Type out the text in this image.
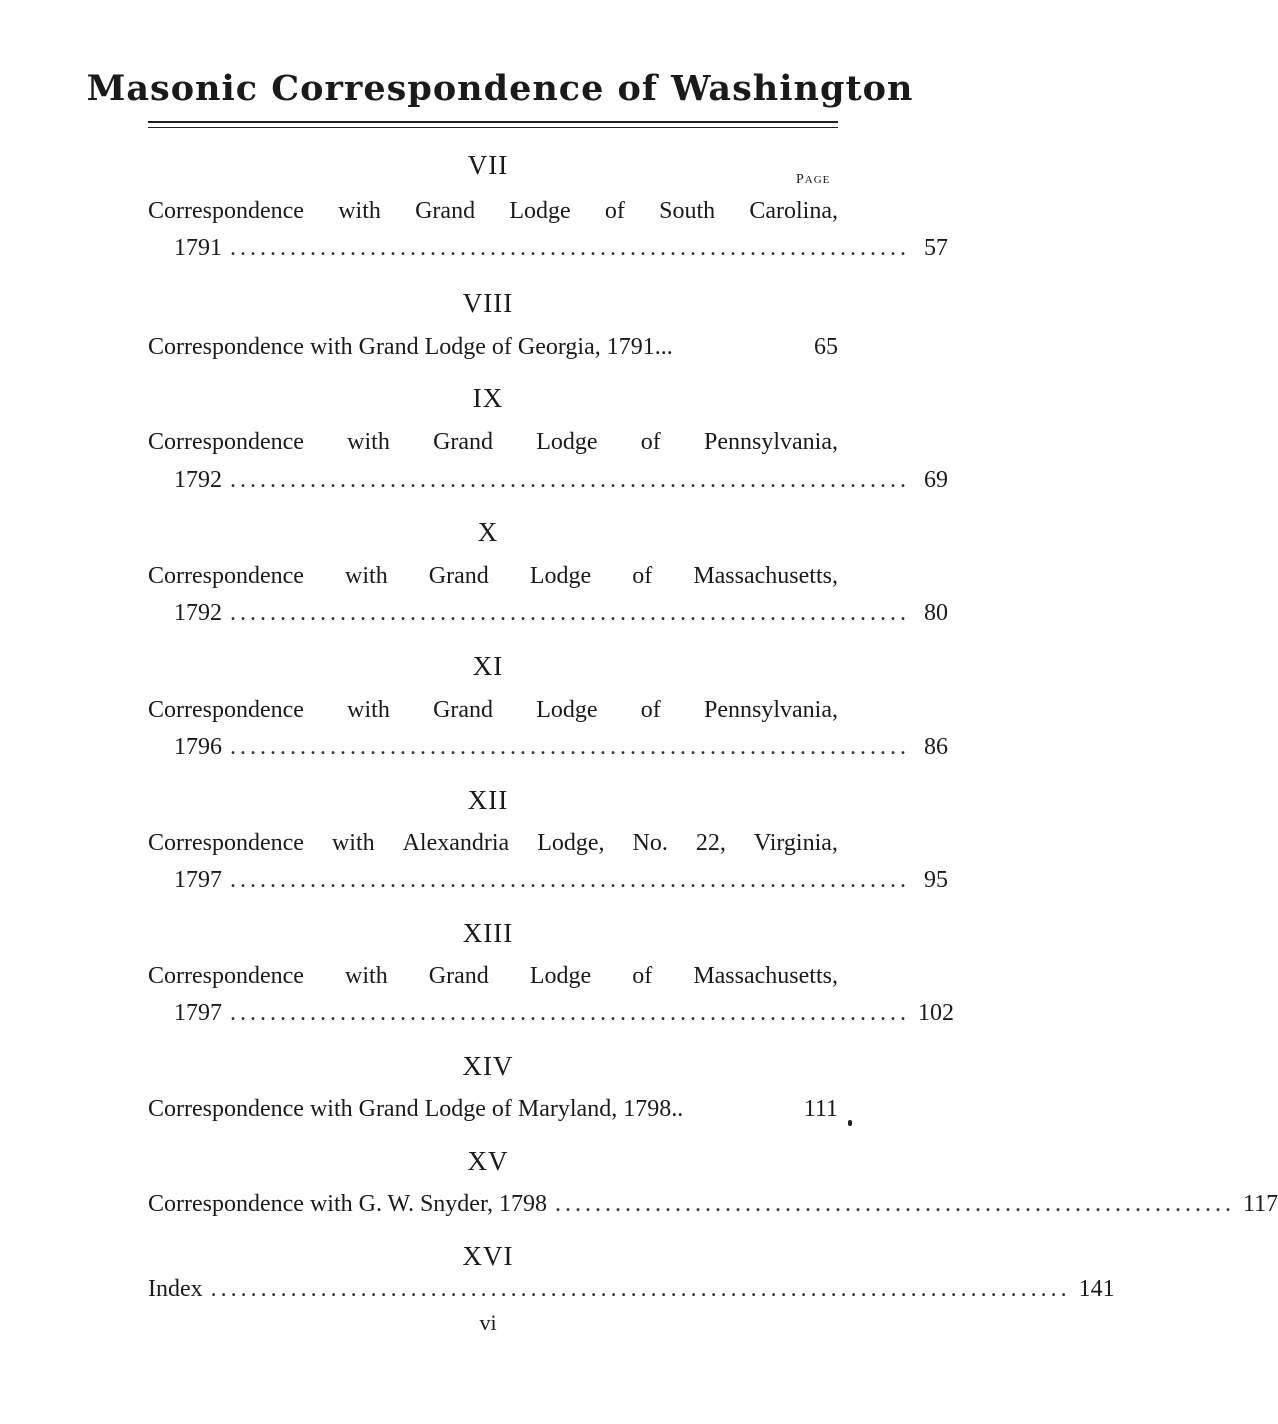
Masonic Correspondence of Washington
PAGE
VII
Correspondence with Grand Lodge of South Carolina,
1791 .................................................................... 57
VIII
Correspondence with Grand Lodge of Georgia, 1791...	65
IX
Correspondence with Grand Lodge of Pennsylvania,
1792 .................................................................... 69
X
Correspondence with Grand Lodge of Massachusetts,
1792 .................................................................... 80
XI
Correspondence with Grand Lodge of Pennsylvania,
1796 .................................................................... 86
XII
Correspondence with Alexandria Lodge, No. 22, Virginia,
1797 .................................................................... 95
XIII
Correspondence with Grand Lodge of Massachusetts,
1797 .................................................................... 102
XIV
Correspondence with Grand Lodge of Maryland, 1798..	111
XV
Correspondence with G. W. Snyder, 1798 .................................................................... 117
XVI
Index ...................................................................................... 141
vi
